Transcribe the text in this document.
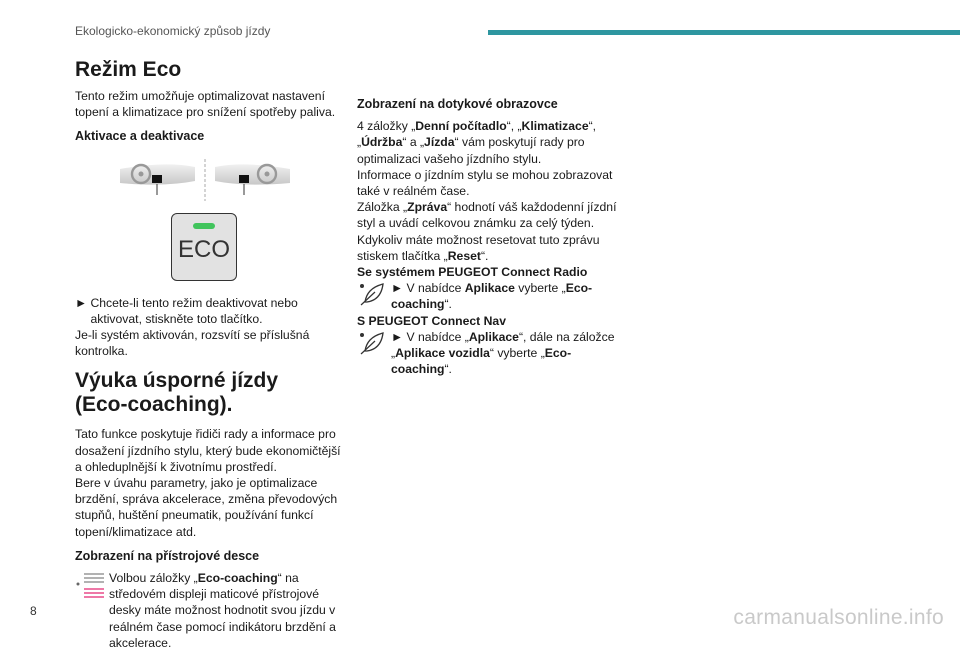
Ekologicko-ekonomický způsob jízdy
Režim Eco

Tento režim umožňuje optimalizovat nastavení topení a klimatizace pro snížení spotřeby paliva.

Aktivace a deaktivace
ECO

►
Chcete-li tento režim deaktivovat nebo aktivovat, stiskněte toto tlačítko.

Je-li systém aktivován, rozsvítí se příslušná kontrolka.

Výuka úsporné jízdy
(Eco-coaching).

Tato funkce poskytuje řidiči rady a informace pro dosažení jízdního stylu, který bude ekonomičtější a ohleduplnější k životnímu prostředí.

Bere v úvahu parametry, jako je optimalizace brzdění, správa akcelerace, změna převodových stupňů, huštění pneumatik, používání funkcí topení/klimatizace atd.

Zobrazení na přístrojové desce

Volbou záložky „Eco-coaching“ na středovém displeji maticové přístrojové desky máte možnost hodnotit svou jízdu v reálném čase pomocí indikátoru brzdění a akcelerace.

Zobrazení na dotykové obrazovce

4 záložky „Denní počítadlo“, „Klimatizace“, „Údržba“ a „Jízda“ vám poskytují rady pro optimalizaci vašeho jízdního stylu.

Informace o jízdním stylu se mohou zobrazovat také v reálném čase.

Záložka „Zpráva“ hodnotí váš každodenní jízdní styl a uvádí celkovou známku za celý týden.

Kdykoliv máte možnost resetovat tuto zprávu stiskem tlačítka „Reset“.

Se systémem PEUGEOT Connect Radio

► V nabídce Aplikace vyberte „Eco-coaching“.

S PEUGEOT Connect Nav

► V nabídce „Aplikace“, dále na záložce „Aplikace vozidla“ vyberte „Eco-coaching“.

8	carmanualsonline.info
